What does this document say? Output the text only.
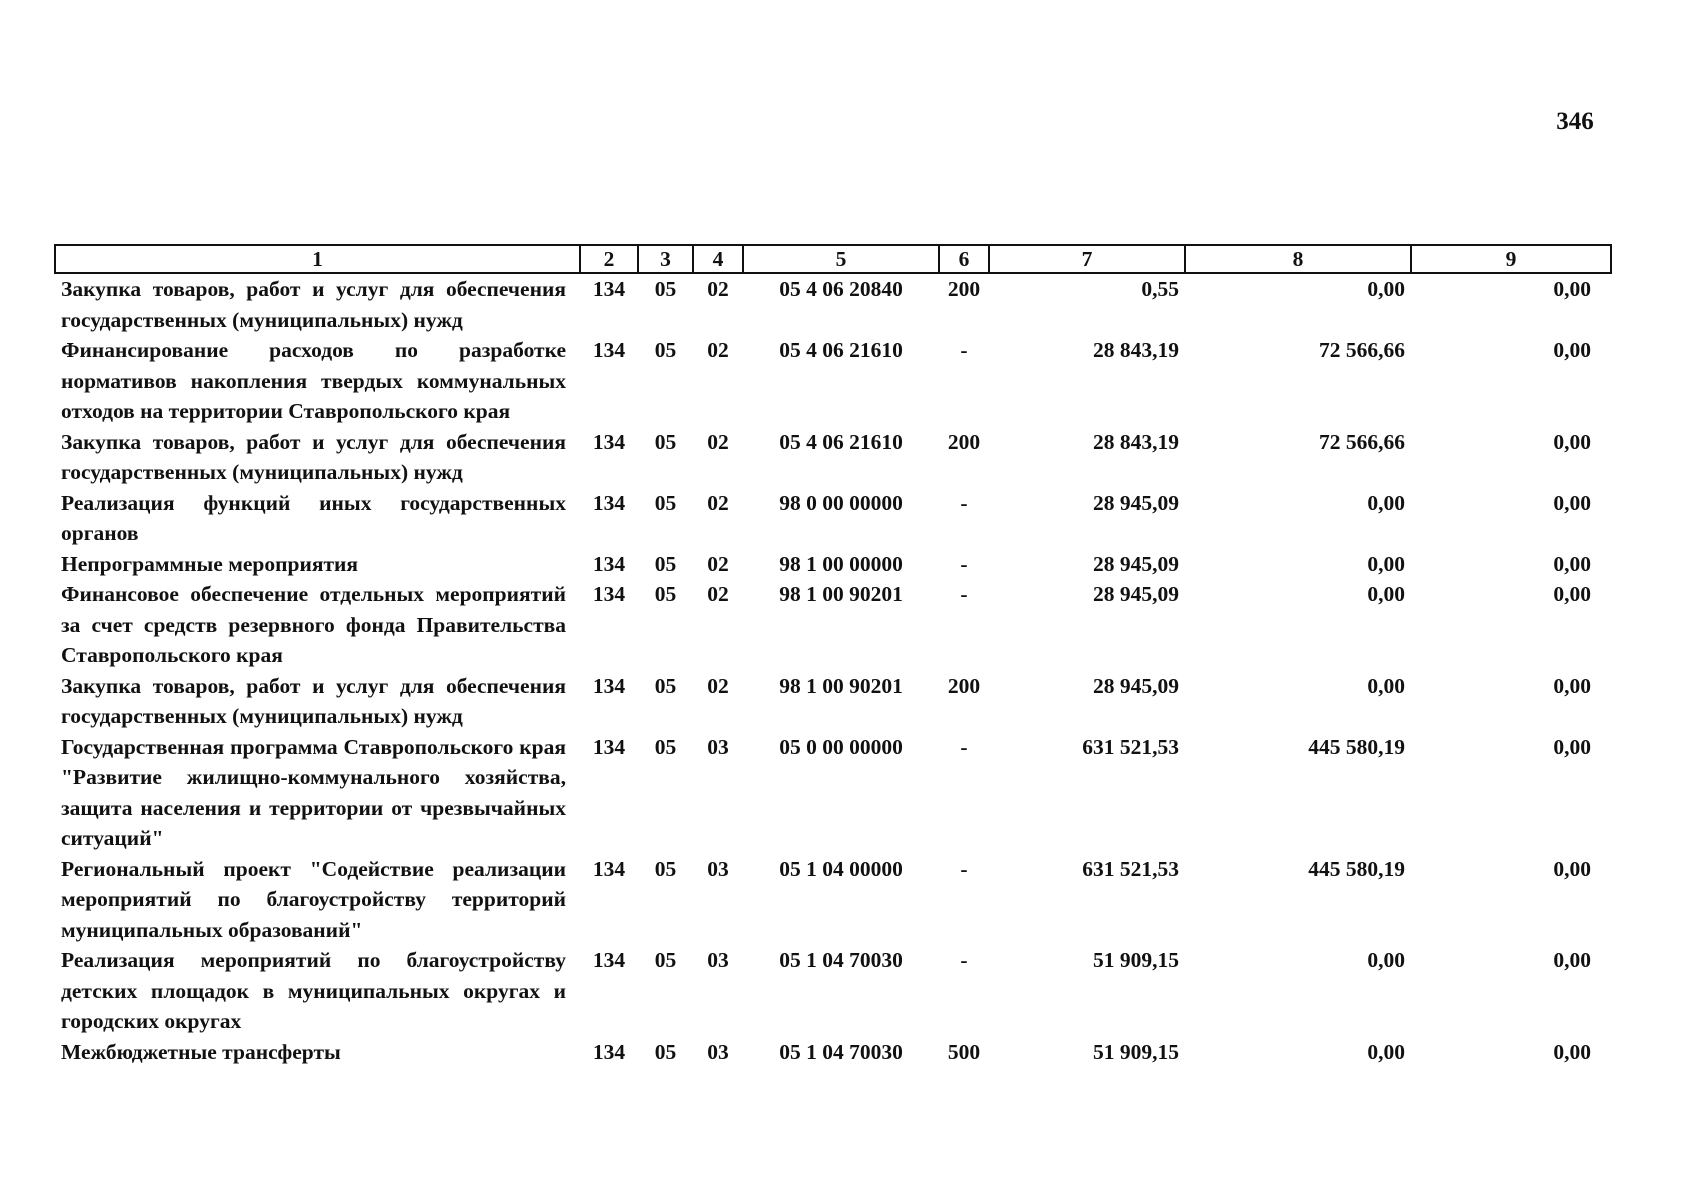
346
1	2	3	4	5	6	7	8	9
Закупка товаров, работ и услуг для обеспечения государственных (муниципальных) нужд	134	05	02	05 4 06 20840	200	0,55	0,00	0,00
Финансирование расходов по разработке нормативов накопления твердых коммунальных отходов на территории Ставропольского края	134	05	02	05 4 06 21610	-	28 843,19	72 566,66	0,00
Закупка товаров, работ и услуг для обеспечения государственных (муниципальных) нужд	134	05	02	05 4 06 21610	200	28 843,19	72 566,66	0,00
Реализация функций иных государственных органов	134	05	02	98 0 00 00000	-	28 945,09	0,00	0,00
Непрограммные мероприятия	134	05	02	98 1 00 00000	-	28 945,09	0,00	0,00
Финансовое обеспечение отдельных мероприятий за счет средств резервного фонда Правительства Ставропольского края	134	05	02	98 1 00 90201	-	28 945,09	0,00	0,00
Закупка товаров, работ и услуг для обеспечения государственных (муниципальных) нужд	134	05	02	98 1 00 90201	200	28 945,09	0,00	0,00
Государственная программа Ставропольского края "Развитие жилищно-коммунального хозяйства, защита населения и территории от чрезвычайных ситуаций"	134	05	03	05 0 00 00000	-	631 521,53	445 580,19	0,00
Региональный проект "Содействие реализации мероприятий по благоустройству территорий муниципальных образований"	134	05	03	05 1 04 00000	-	631 521,53	445 580,19	0,00
Реализация мероприятий по благоустройству детских площадок в муниципальных округах и городских округах	134	05	03	05 1 04 70030	-	51 909,15	0,00	0,00
Межбюджетные трансферты	134	05	03	05 1 04 70030	500	51 909,15	0,00	0,00
